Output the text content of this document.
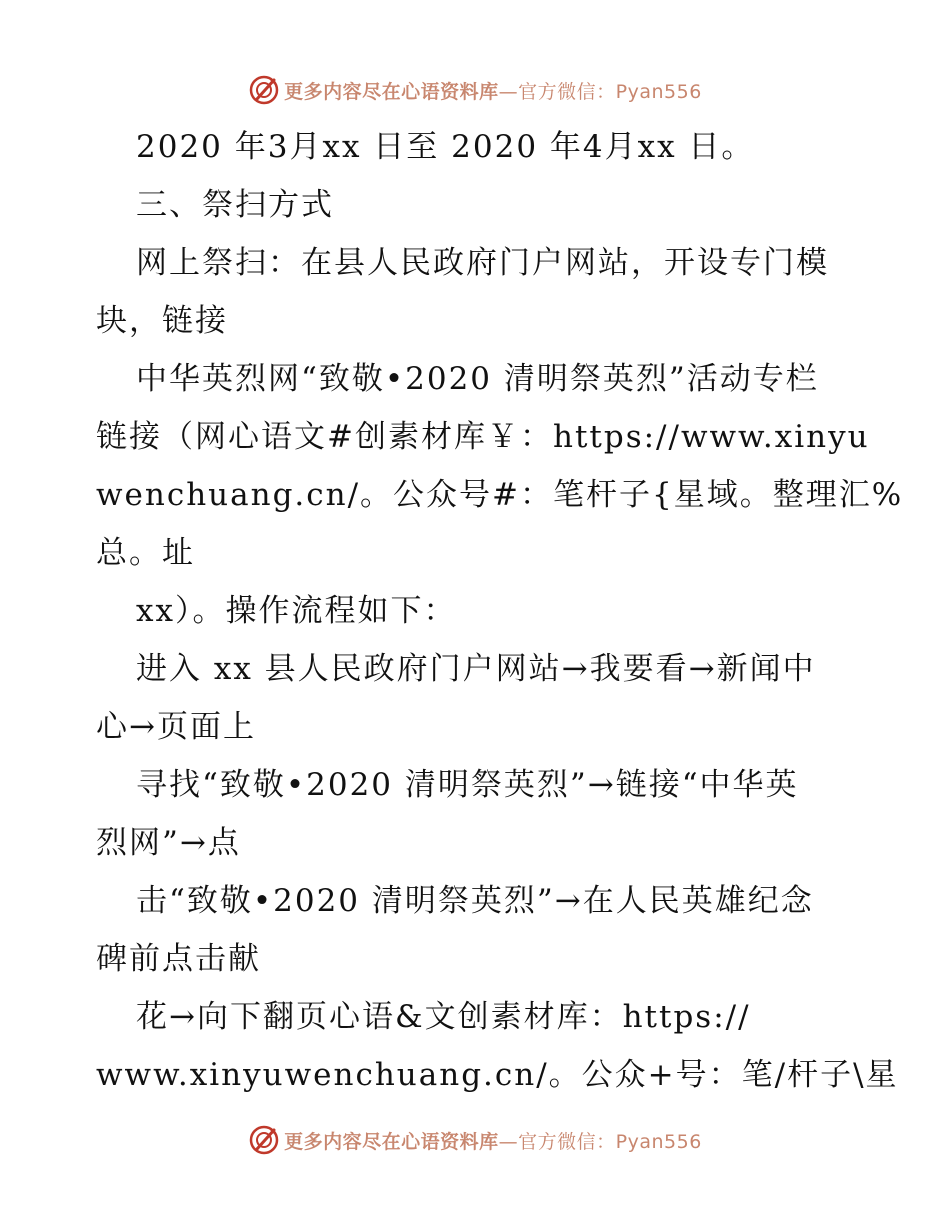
更多内容尽在心语资料库—官方微信：Pyan556
2020 年3月xx 日至 2020 年4月xx 日。
三、祭扫方式
网上祭扫：在县人民政府门户网站，开设专门模
块，链接
中华英烈网“致敬•2020 清明祭英烈”活动专栏
链接（网心语文#创素材库￥：https://www.xinyu
wenchuang.cn/。公众号#：笔杆子{星域。整理汇%
总。址
xx）。操作流程如下：
进入 xx 县人民政府门户网站→我要看→新闻中
心→页面上
寻找“致敬•2020 清明祭英烈”→链接“中华英
烈网”→点
击“致敬•2020 清明祭英烈”→在人民英雄纪念
碑前点击献
花→向下翻页心语&文创素材库：https://
www.xinyuwenchuang.cn/。公众+号：笔/杆子\星
更多内容尽在心语资料库—官方微信：Pyan556
